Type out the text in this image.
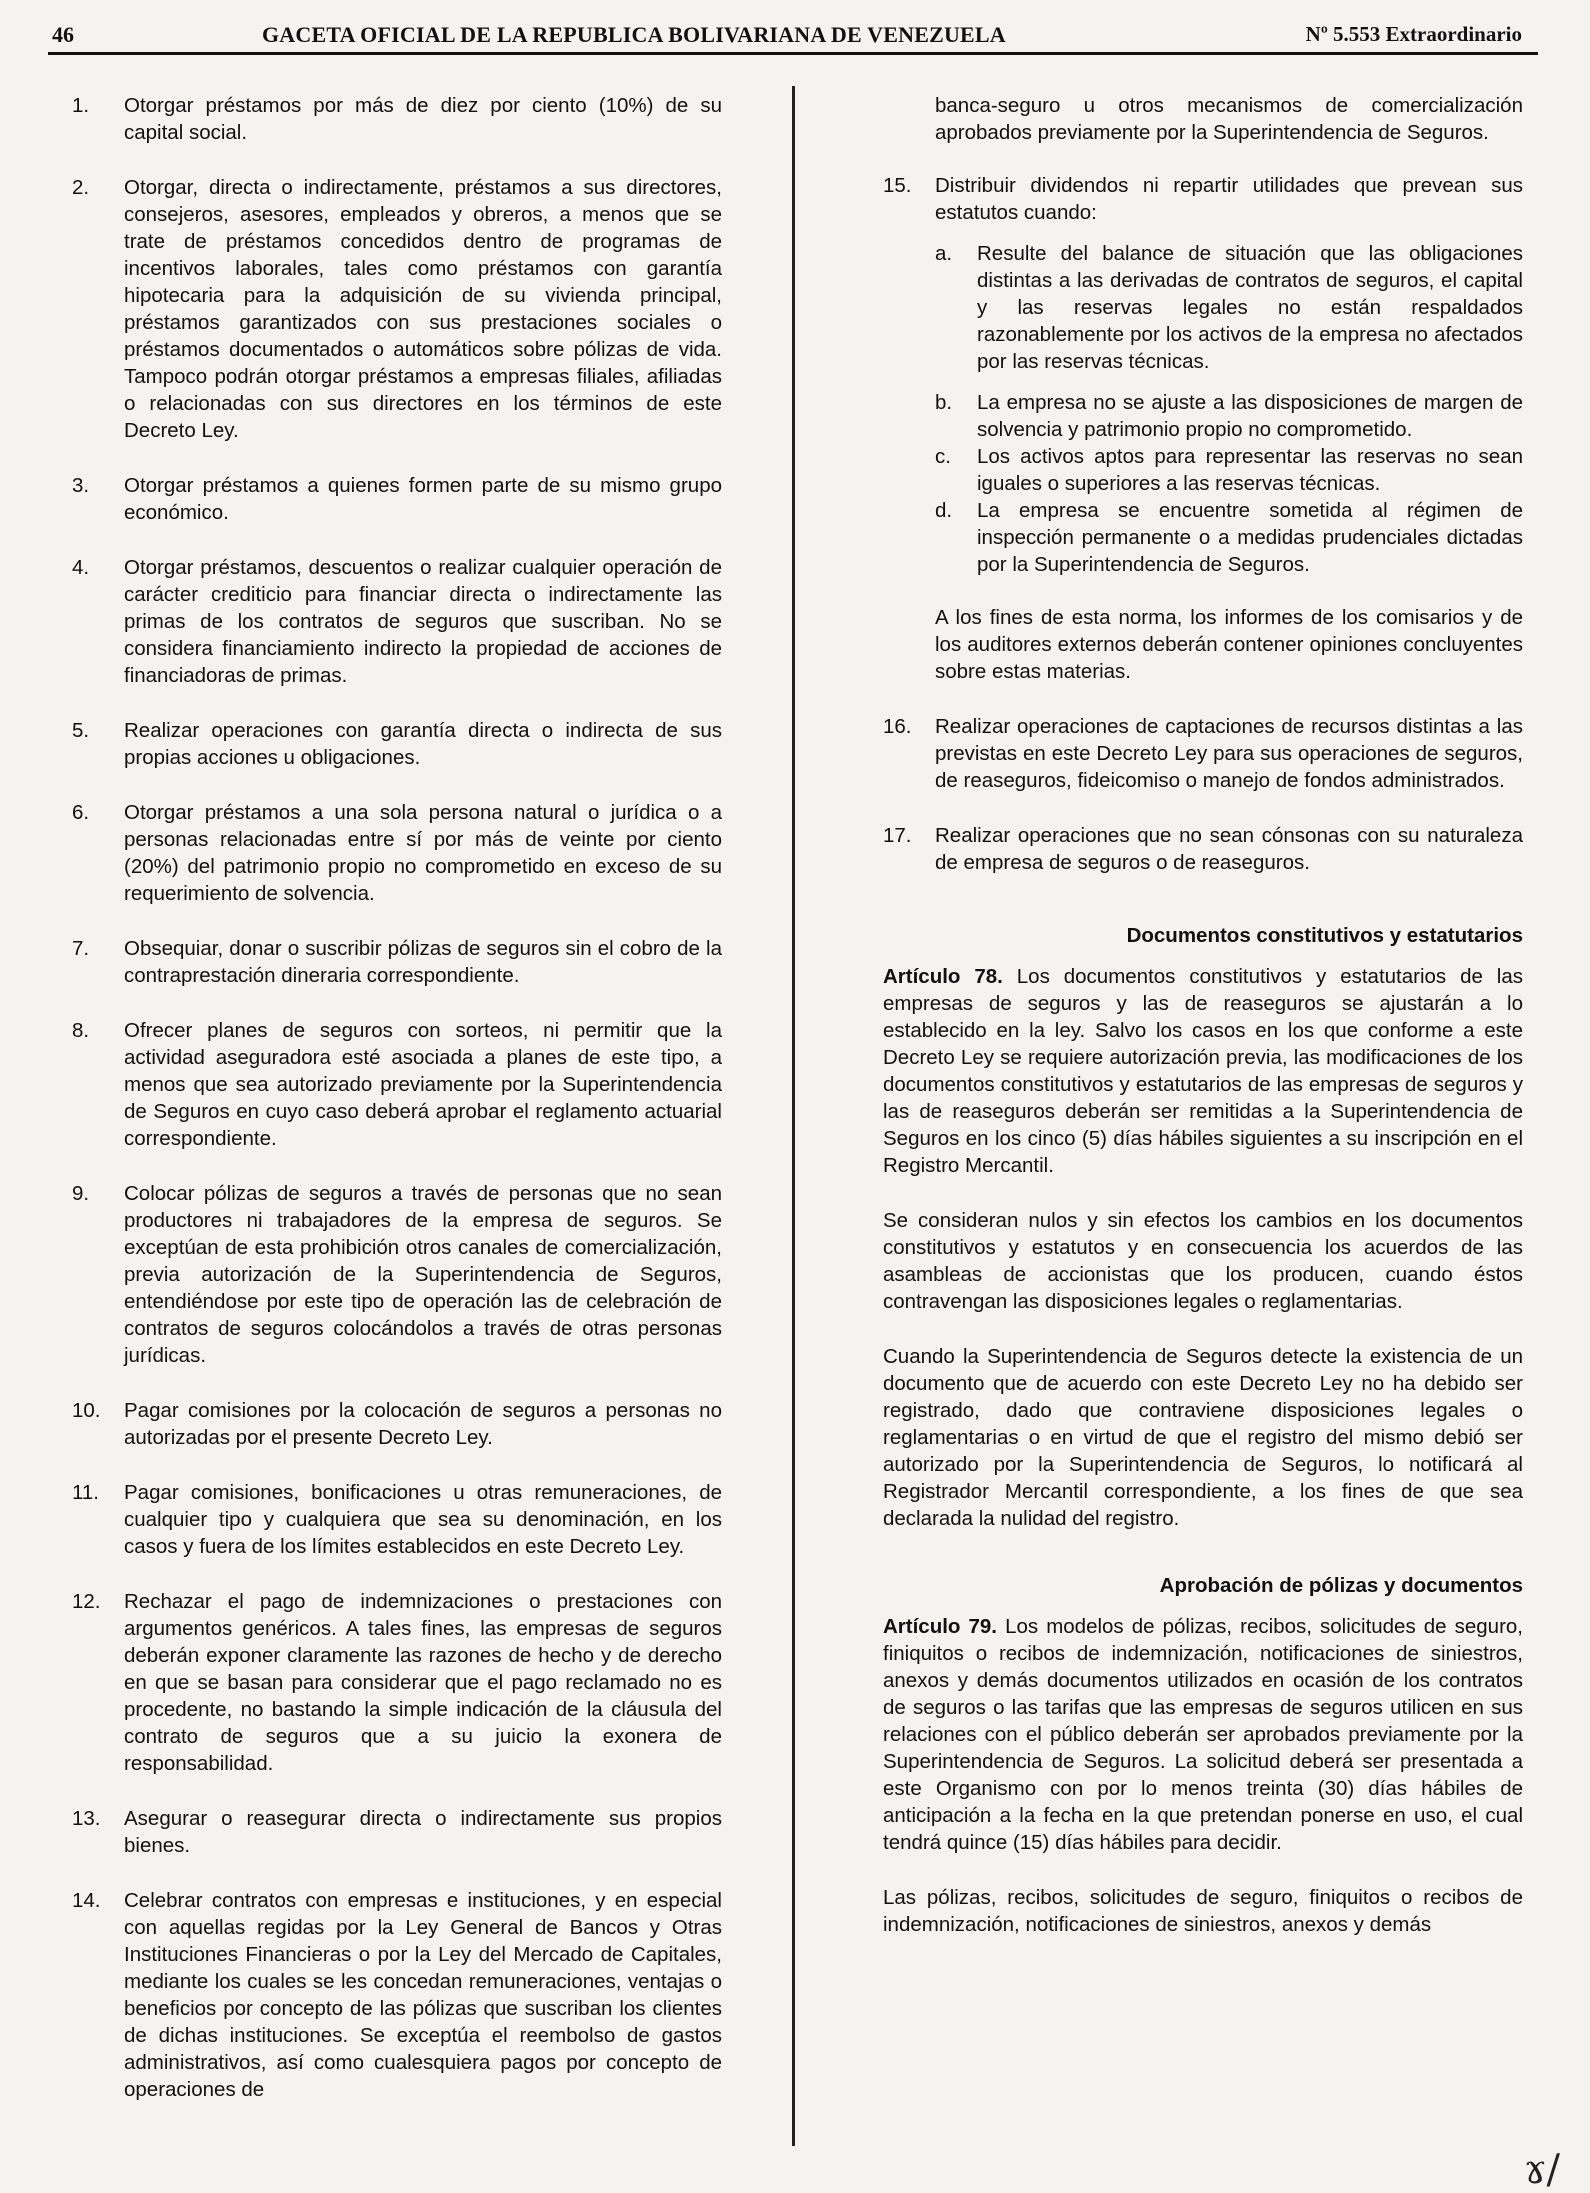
46	GACETA OFICIAL DE LA REPUBLICA BOLIVARIANA DE VENEZUELA	Nº 5.553 Extraordinario
1. Otorgar préstamos por más de diez por ciento (10%) de su capital social.
2. Otorgar, directa o indirectamente, préstamos a sus directores, consejeros, asesores, empleados y obreros, a menos que se trate de préstamos concedidos dentro de programas de incentivos laborales, tales como préstamos con garantía hipotecaria para la adquisición de su vivienda principal, préstamos garantizados con sus prestaciones sociales o préstamos documentados o automáticos sobre pólizas de vida. Tampoco podrán otorgar préstamos a empresas filiales, afiliadas o relacionadas con sus directores en los términos de este Decreto Ley.
3. Otorgar préstamos a quienes formen parte de su mismo grupo económico.
4. Otorgar préstamos, descuentos o realizar cualquier operación de carácter crediticio para financiar directa o indirectamente las primas de los contratos de seguros que suscriban. No se considera financiamiento indirecto la propiedad de acciones de financiadoras de primas.
5. Realizar operaciones con garantía directa o indirecta de sus propias acciones u obligaciones.
6. Otorgar préstamos a una sola persona natural o jurídica o a personas relacionadas entre sí por más de veinte por ciento (20%) del patrimonio propio no comprometido en exceso de su requerimiento de solvencia.
7. Obsequiar, donar o suscribir pólizas de seguros sin el cobro de la contraprestación dineraria correspondiente.
8. Ofrecer planes de seguros con sorteos, ni permitir que la actividad aseguradora esté asociada a planes de este tipo, a menos que sea autorizado previamente por la Superintendencia de Seguros en cuyo caso deberá aprobar el reglamento actuarial correspondiente.
9. Colocar pólizas de seguros a través de personas que no sean productores ni trabajadores de la empresa de seguros. Se exceptúan de esta prohibición otros canales de comercialización, previa autorización de la Superintendencia de Seguros, entendiéndose por este tipo de operación las de celebración de contratos de seguros colocándolos a través de otras personas jurídicas.
10. Pagar comisiones por la colocación de seguros a personas no autorizadas por el presente Decreto Ley.
11. Pagar comisiones, bonificaciones u otras remuneraciones, de cualquier tipo y cualquiera que sea su denominación, en los casos y fuera de los límites establecidos en este Decreto Ley.
12. Rechazar el pago de indemnizaciones o prestaciones con argumentos genéricos. A tales fines, las empresas de seguros deberán exponer claramente las razones de hecho y de derecho en que se basan para considerar que el pago reclamado no es procedente, no bastando la simple indicación de la cláusula del contrato de seguros que a su juicio la exonera de responsabilidad.
13. Asegurar o reasegurar directa o indirectamente sus propios bienes.
14. Celebrar contratos con empresas e instituciones, y en especial con aquellas regidas por la Ley General de Bancos y Otras Instituciones Financieras o por la Ley del Mercado de Capitales, mediante los cuales se les concedan remuneraciones, ventajas o beneficios por concepto de las pólizas que suscriban los clientes de dichas instituciones. Se exceptúa el reembolso de gastos administrativos, así como cualesquiera pagos por concepto de operaciones de
banca-seguro u otros mecanismos de comercialización aprobados previamente por la Superintendencia de Seguros.
15. Distribuir dividendos ni repartir utilidades que prevean sus estatutos cuando:
a. Resulte del balance de situación que las obligaciones distintas a las derivadas de contratos de seguros, el capital y las reservas legales no están respaldados razonablemente por los activos de la empresa no afectados por las reservas técnicas.
b. La empresa no se ajuste a las disposiciones de margen de solvencia y patrimonio propio no comprometido.
c. Los activos aptos para representar las reservas no sean iguales o superiores a las reservas técnicas.
d. La empresa se encuentre sometida al régimen de inspección permanente o a medidas prudenciales dictadas por la Superintendencia de Seguros.
A los fines de esta norma, los informes de los comisarios y de los auditores externos deberán contener opiniones concluyentes sobre estas materias.
16. Realizar operaciones de captaciones de recursos distintas a las previstas en este Decreto Ley para sus operaciones de seguros, de reaseguros, fideicomiso o manejo de fondos administrados.
17. Realizar operaciones que no sean cónsonas con su naturaleza de empresa de seguros o de reaseguros.
Documentos constitutivos y estatutarios
Artículo 78. Los documentos constitutivos y estatutarios de las empresas de seguros y las de reaseguros se ajustarán a lo establecido en la ley. Salvo los casos en los que conforme a este Decreto Ley se requiere autorización previa, las modificaciones de los documentos constitutivos y estatutarios de las empresas de seguros y las de reaseguros deberán ser remitidas a la Superintendencia de Seguros en los cinco (5) días hábiles siguientes a su inscripción en el Registro Mercantil.
Se consideran nulos y sin efectos los cambios en los documentos constitutivos y estatutos y en consecuencia los acuerdos de las asambleas de accionistas que los producen, cuando éstos contravengan las disposiciones legales o reglamentarias.
Cuando la Superintendencia de Seguros detecte la existencia de un documento que de acuerdo con este Decreto Ley no ha debido ser registrado, dado que contraviene disposiciones legales o reglamentarias o en virtud de que el registro del mismo debió ser autorizado por la Superintendencia de Seguros, lo notificará al Registrador Mercantil correspondiente, a los fines de que sea declarada la nulidad del registro.
Aprobación de pólizas y documentos
Artículo 79. Los modelos de pólizas, recibos, solicitudes de seguro, finiquitos o recibos de indemnización, notificaciones de siniestros, anexos y demás documentos utilizados en ocasión de los contratos de seguros o las tarifas que las empresas de seguros utilicen en sus relaciones con el público deberán ser aprobados previamente por la Superintendencia de Seguros. La solicitud deberá ser presentada a este Organismo con por lo menos treinta (30) días hábiles de anticipación a la fecha en la que pretendan ponerse en uso, el cual tendrá quince (15) días hábiles para decidir.
Las pólizas, recibos, solicitudes de seguro, finiquitos o recibos de indemnización, notificaciones de siniestros, anexos y demás
ɤ/
